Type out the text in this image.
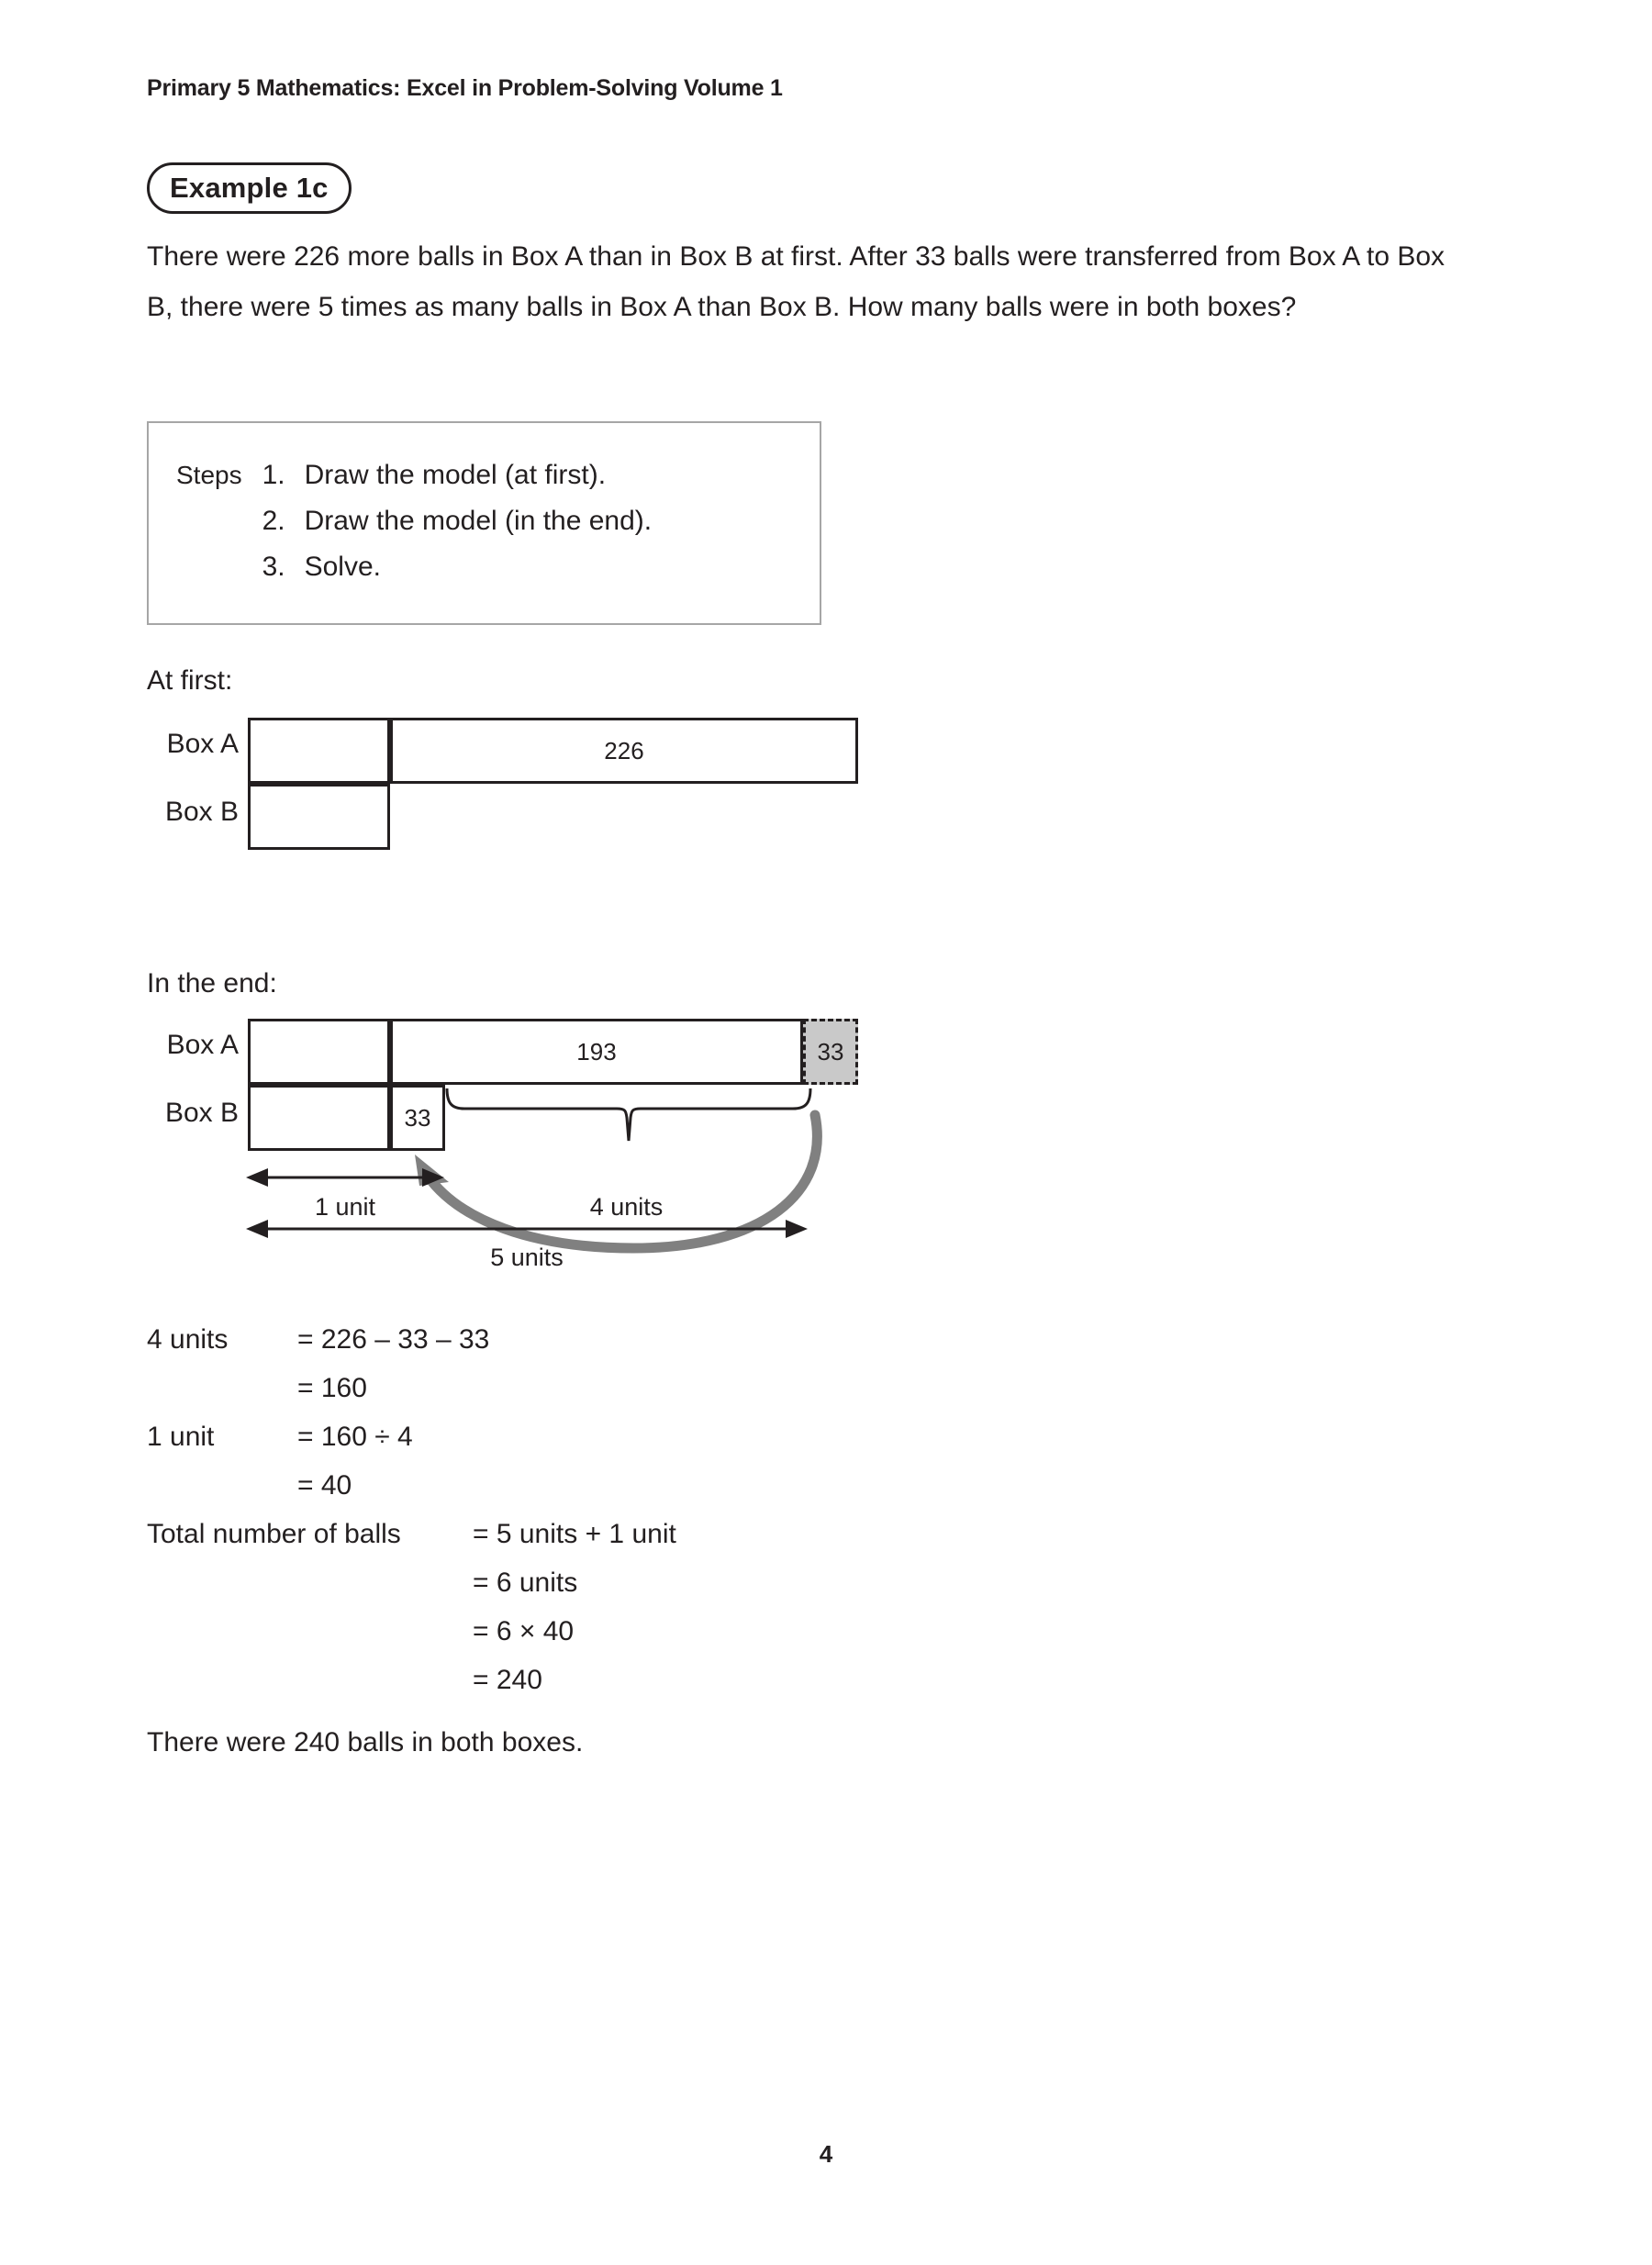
Primary 5 Mathematics: Excel in Problem-Solving Volume 1
Example 1c
There were 226 more balls in Box A than in Box B at first. After 33 balls were transferred from Box A to Box B, there were 5 times as many balls in Box A than Box B. How many balls were in both boxes?
Steps 1. Draw the model (at first).
2. Draw the model (in the end).
3. Solve.
At first:
Box A
Box B
226
In the end:
Box A
Box B
193	33
33
4 units
1 unit
5 units
4 units	= 226 – 33 – 33
= 160
1 unit	= 160 ÷ 4
= 40
Total number of balls	= 5 units + 1 unit
= 6 units
= 6 × 40
= 240
There were 240 balls in both boxes.
4
